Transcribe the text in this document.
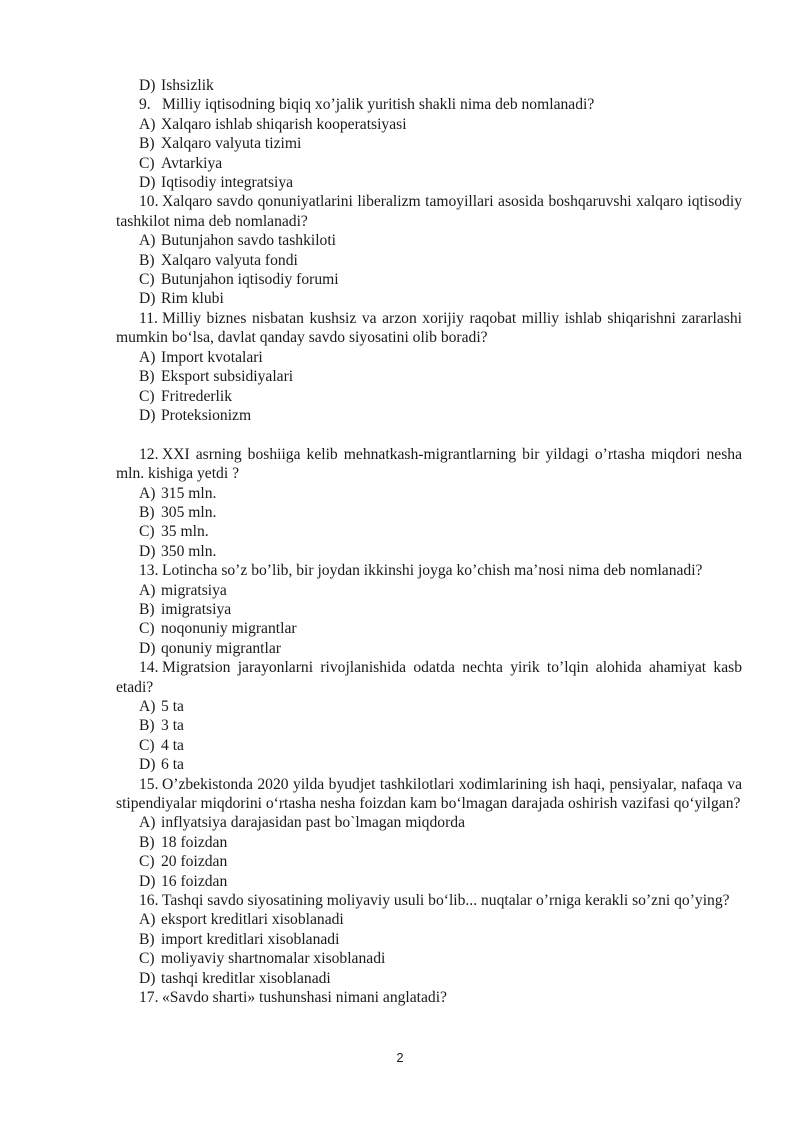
D) Ishsizlik

9. Milliy iqtisodning biqiq xo’jalik yuritish shakli nima deb nomlanadi?

A) Xalqaro ishlab shiqarish kooperatsiyasi

B) Xalqaro valyuta tizimi

C) Avtarkiya

D) Iqtisodiy integratsiya

10. Xalqaro savdo qonuniyatlarini liberalizm tamoyillari asosida boshqaruvshi xalqaro iqtisodiy tashkilot nima deb nomlanadi?

A) Butunjahon savdo tashkiloti

B) Xalqaro valyuta fondi

C) Butunjahon iqtisodiy forumi

D) Rim klubi

11. Milliy biznes nisbatan kushsiz va arzon xorijiy raqobat milliy ishlab shiqarishni zararlashi mumkin bo‘lsa, davlat qanday savdo siyosatini olib boradi?

A) Import kvotalari

B) Eksport subsidiyalari

C) Fritrederlik

D) Proteksionizm

12. XXI asrning boshiiga kelib mehnatkash-migrantlarning bir yildagi o’rtasha miqdori nesha mln. kishiga yetdi ?

A) 315 mln.

B) 305 mln.

C) 35 mln.

D) 350 mln.

13. Lotincha so’z bo’lib, bir joydan ikkinshi joyga ko’chish ma’nosi nima deb nomlanadi?

A) migratsiya

B) imigratsiya

C) noqonuniy migrantlar

D) qonuniy migrantlar

14. Migratsion jarayonlarni rivojlanishida odatda nechta yirik to’lqin alohida ahamiyat kasb etadi?

A) 5 ta

B) 3 ta

C) 4 ta

D) 6 ta

15. O’zbekistonda 2020 yilda byudjet tashkilotlari xodimlarining ish haqi, pensiyalar, nafaqa va stipendiyalar miqdorini o‘rtasha nesha foizdan kam bo‘lmagan darajada oshirish vazifasi qo‘yilgan?

A) inflyatsiya darajasidan past bo`lmagan miqdorda

B) 18 foizdan

C) 20 foizdan

D) 16 foizdan

16. Tashqi savdo siyosatining moliyaviy usuli bo‘lib... nuqtalar o’rniga kerakli so’zni qo’ying?

A) eksport kreditlari xisoblanadi

B) import kreditlari xisoblanadi

C) moliyaviy shartnomalar xisoblanadi

D) tashqi kreditlar xisoblanadi

17. «Savdo sharti» tushunshasi nimani anglatadi?

2
